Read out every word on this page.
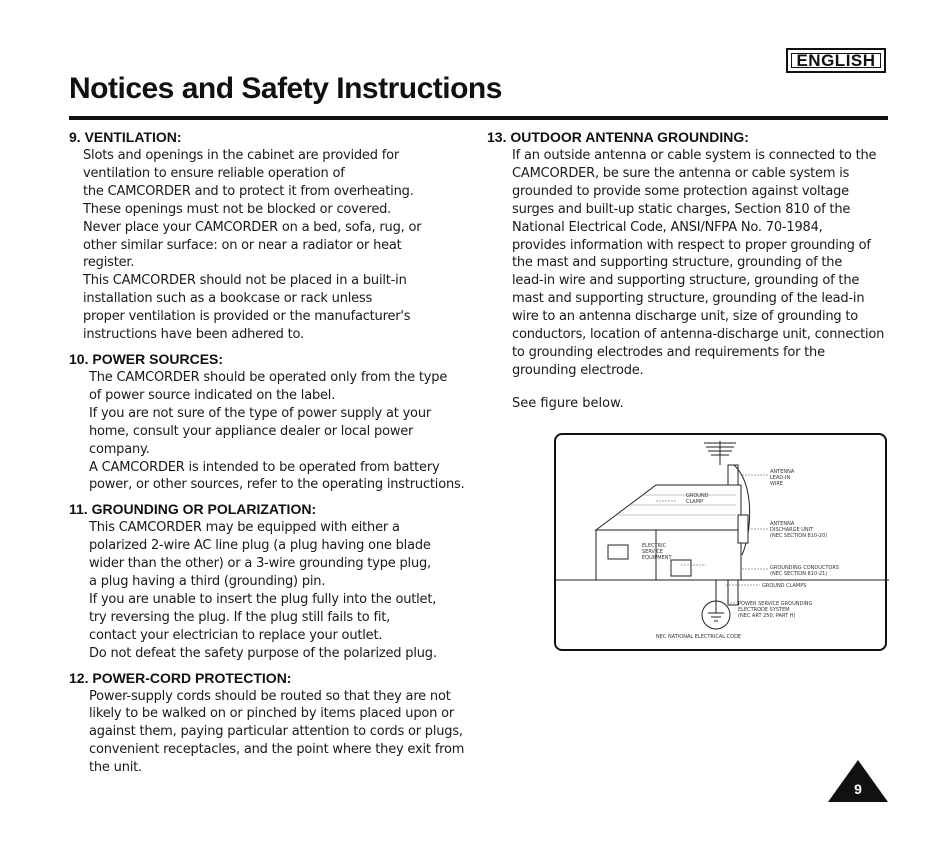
ENGLISH
Notices and Safety Instructions
9. VENTILATION:
Slots and openings in the cabinet are provided for
ventilation to ensure reliable operation of
the CAMCORDER and to protect it from overheating.
These openings must not be blocked or covered.
Never place your CAMCORDER on a bed, sofa, rug, or
other similar surface: on or near a radiator or heat
register.
This CAMCORDER should not be placed in a built-in
installation such as a bookcase or rack unless
proper ventilation is provided or the manufacturer's
instructions have been adhered to.
10. POWER SOURCES:
The CAMCORDER should be operated only from the type
of power source indicated on the label.
If you are not sure of the type of power supply at your
home, consult your appliance dealer or local power
company.
A CAMCORDER is intended to be operated from battery
power, or other sources, refer to the operating instructions.
11. GROUNDING OR POLARIZATION:
This CAMCORDER may be equipped with either a
polarized 2-wire AC line plug (a plug having one blade
wider than the other) or a 3-wire grounding type plug,
a plug having a third (grounding) pin.
If you are unable to insert the plug fully into the outlet,
try reversing the plug. If the plug still fails to fit,
contact your electrician to replace your outlet.
Do not defeat the safety purpose of the polarized plug.
12. POWER-CORD PROTECTION:
Power-supply cords should be routed so that they are not
likely to be walked on or pinched by items placed upon or
against them, paying particular attention to cords or plugs,
convenient receptacles, and the point where they exit from
the unit.
13. OUTDOOR ANTENNA GROUNDING:
If an outside antenna or cable system is connected to the
CAMCORDER, be sure the antenna or cable system is
grounded to provide some protection against voltage
surges and built-up static charges, Section 810 of the
National Electrical Code, ANSI/NFPA No. 70-1984,
provides information with respect to proper grounding of
the mast and supporting structure, grounding of the
lead-in wire and supporting structure, grounding of the
mast and supporting structure, grounding of the lead-in
wire to an antenna discharge unit, size of grounding to
conductors, location of antenna-discharge unit, connection
to grounding electrodes and requirements for the
grounding electrode.
See figure below.
ANTENNA
LEAD-IN
WIRE
GROUND
CLAMP
ANTENNA
DISCHARGE UNIT
(NEC SECTION 810-20)
ELECTRIC
SERVICE
EQUIPMENT
GROUNDING CONDUCTORS
(NEC SECTION 810-21)
GROUND CLAMPS
POWER SERVICE GROUNDING
ELECTRODE SYSTEM
(NEC ART 250, PART H)
NEC NATIONAL ELECTRICAL CODE
9
